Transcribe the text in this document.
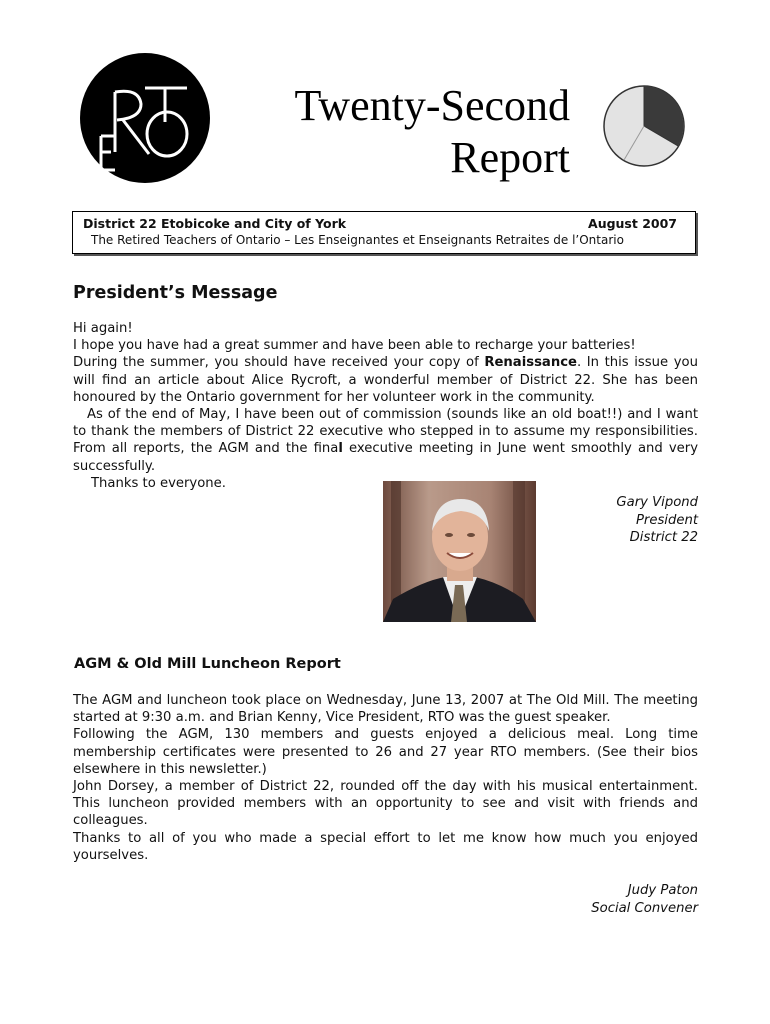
Twenty-Second
Report
District 22 Etobicoke and City of York	August 2007
The Retired Teachers of Ontario – Les Enseignantes et Enseignants Retraites de l’Ontario
President’s Message

Hi again!

I hope you have had a great summer and have been able to recharge your batteries!

During the summer, you should have received your copy of Renaissance. In this issue you will find an article about Alice Rycroft, a wonderful member of District 22. She has been honoured by the Ontario government for her volunteer work in the community.

As of the end of May, I have been out of commission (sounds like an old boat!!) and I want to thank the members of District 22 executive who stepped in to assume my responsibilities. From all reports, the AGM and the final executive meeting in June went smoothly and very successfully.

Thanks to everyone.

Gary Vipond
President
District 22
AGM & Old Mill Luncheon Report

The AGM and luncheon took place on Wednesday, June 13, 2007 at The Old Mill. The meeting started at 9:30 a.m. and Brian Kenny, Vice President, RTO was the guest speaker.

Following the AGM, 130 members and guests enjoyed a delicious meal. Long time membership certificates were presented to 26 and 27 year RTO members. (See their bios elsewhere in this newsletter.)

John Dorsey, a member of District 22, rounded off the day with his musical entertainment. This luncheon provided members with an opportunity to see and visit with friends and colleagues.

Thanks to all of you who made a special effort to let me know how much you enjoyed yourselves.

Judy Paton
Social Convener
